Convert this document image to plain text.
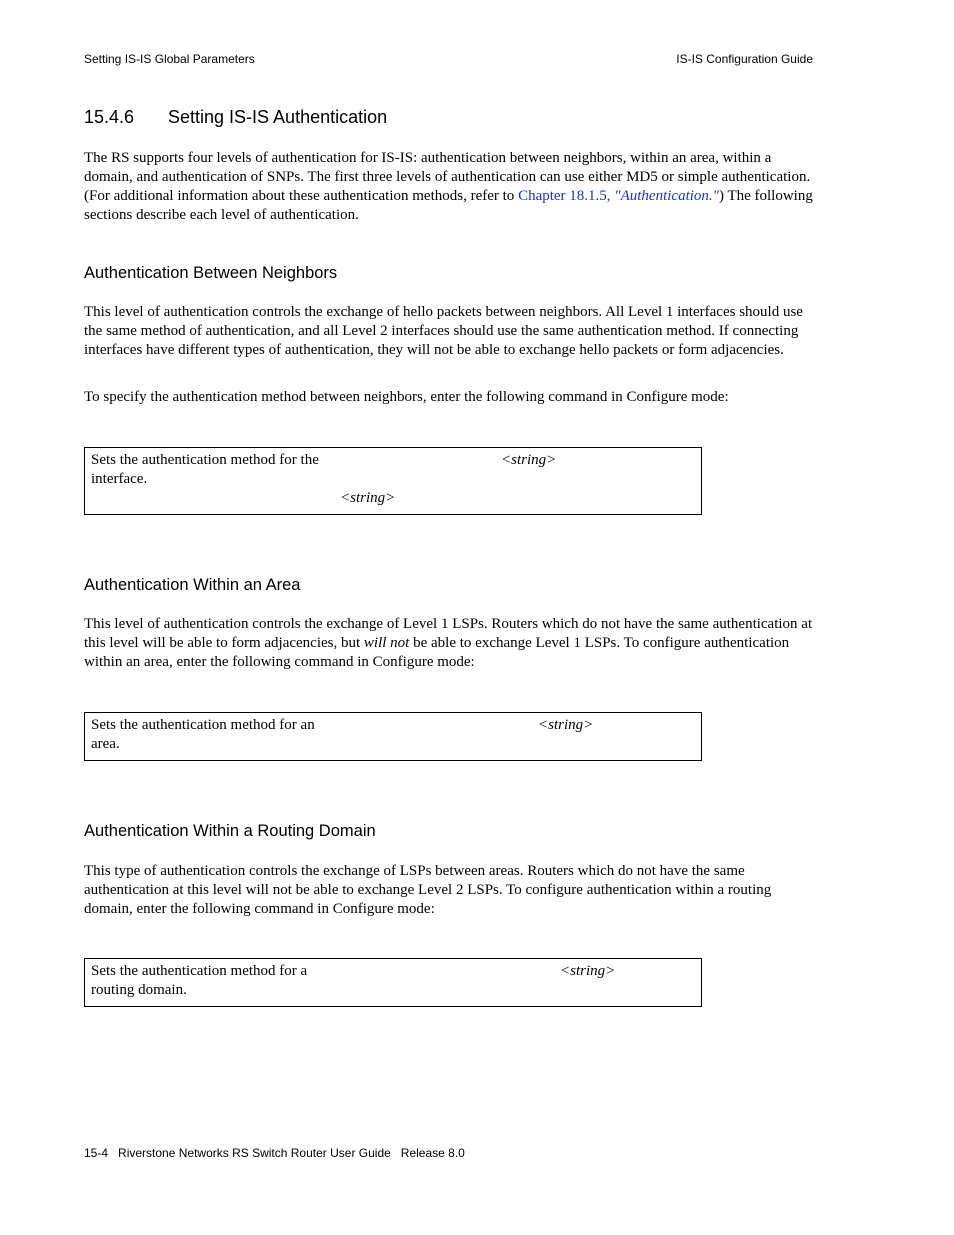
Setting IS-IS Global Parameters	IS-IS Configuration Guide
15.4.6 Setting IS-IS Authentication
The RS supports four levels of authentication for IS-IS: authentication between neighbors, within an area, within a domain, and authentication of SNPs. The first three levels of authentication can use either MD5 or simple authentication. (For additional information about these authentication methods, refer to Chapter 18.1.5, "Authentication.") The following sections describe each level of authentication.
Authentication Between Neighbors
This level of authentication controls the exchange of hello packets between neighbors. All Level 1 interfaces should use the same method of authentication, and all Level 2 interfaces should use the same authentication method. If connecting interfaces have different types of authentication, they will not be able to exchange hello packets or form adjacencies.
To specify the authentication method between neighbors, enter the following command in Configure mode:
Sets the authentication method for the interface.
<string>
<string>
Authentication Within an Area
This level of authentication controls the exchange of Level 1 LSPs. Routers which do not have the same authentication at this level will be able to form adjacencies, but will not be able to exchange Level 1 LSPs. To configure authentication within an area, enter the following command in Configure mode:
Sets the authentication method for an area.
<string>
Authentication Within a Routing Domain
This type of authentication controls the exchange of LSPs between areas. Routers which do not have the same authentication at this level will not be able to exchange Level 2 LSPs. To configure authentication within a routing domain, enter the following command in Configure mode:
Sets the authentication method for a routing domain.
<string>
15-4 Riverstone Networks RS Switch Router User Guide Release 8.0
